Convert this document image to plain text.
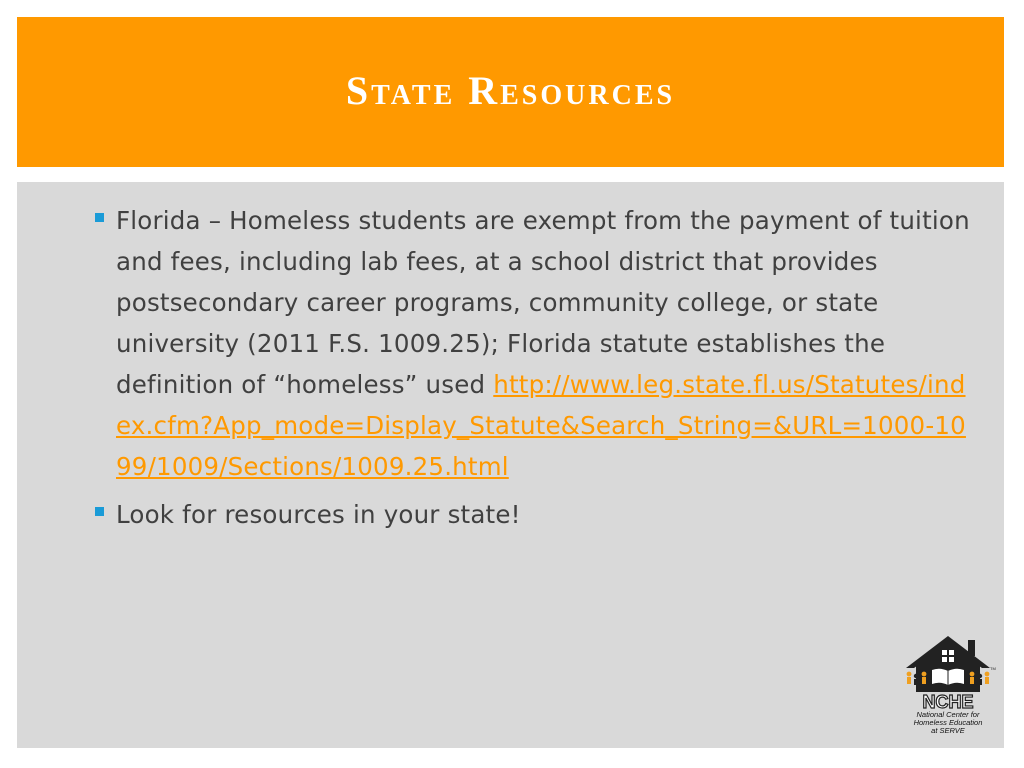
State Resources
Florida – Homeless students are exempt from the payment of tuition and fees, including lab fees, at a school district that provides postsecondary career programs, community college, or state university (2011 F.S. 1009.25); Florida statute establishes the definition of “homeless” used http://www.leg.state.fl.us/Statutes/index.cfm?App_mode=Display_Statute&Search_String=&URL=1000-1099/1009/Sections/1009.25.html
Look for resources in your state!
NCHE
TM
National Center for
Homeless Education
at SERVE
